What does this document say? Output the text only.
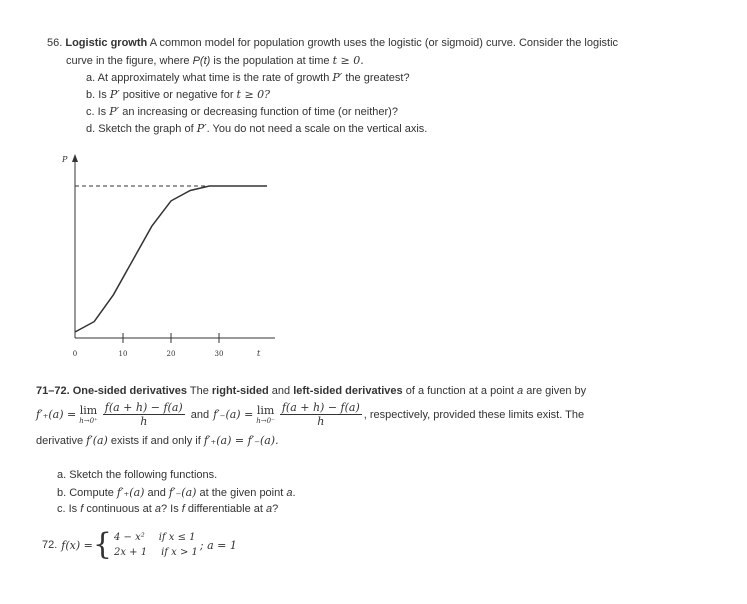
56. Logistic growth A common model for population growth uses the logistic (or sigmoid) curve. Consider the logistic
curve in the figure, where P(t) is the population at time t ≥ 0.
a. At approximately what time is the rate of growth P′ the greatest?
b. Is P′ positive or negative for t ≥ 0?
c. Is P′ an increasing or decreasing function of time (or neither)?
d. Sketch the graph of P′. You do not need a scale on the vertical axis.
P
t
0	10	20	30
71–72. One-sided derivatives The right-sided and left-sided derivatives of a function at a point a are given by
f′₊(a) = lim
$h\to 0^+ \frac{f(a + h) - f(a)}{h}$ and f′₋(a) = lim
$h\to 0^- \frac{f(a + h) - f(a)}{h}$ , respectively, provided these limits exist. The
derivative f′(a) exists if and only if f′₊(a) = f′₋(a).
a. Sketch the following functions.
b. Compute f′₊(a) and f′₋(a) at the given point a.
c. Is f continuous at a? Is f differentiable at a?
72. f(x) = { 4 − x² if x ≤ 1
2x + 1 if x > 1
; a = 1
